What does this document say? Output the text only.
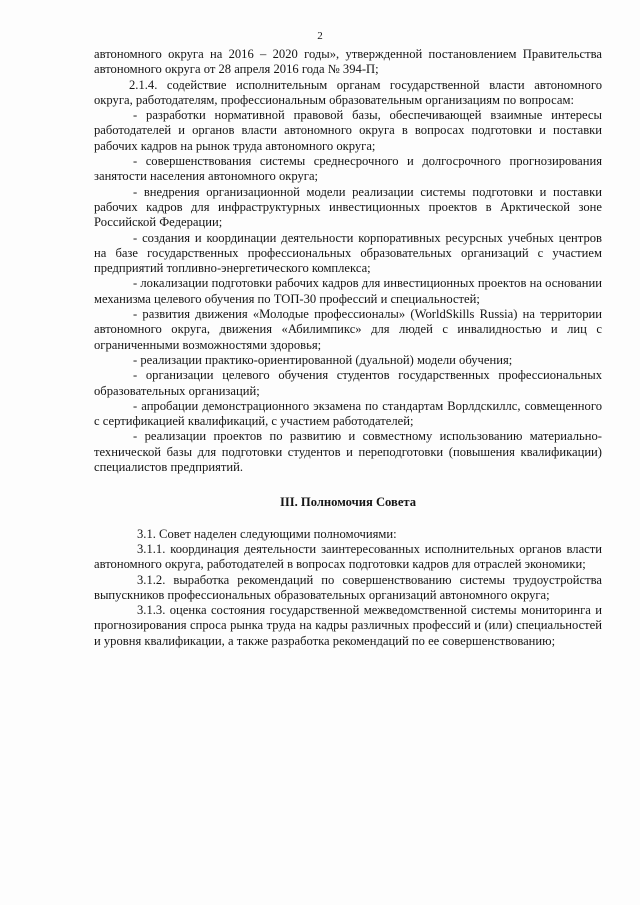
2

автономного округа на 2016 – 2020 годы», утвержденной постановлением Правительства автономного округа от 28 апреля 2016 года № 394-П;

2.1.4. содействие исполнительным органам государственной власти автономного округа, работодателям, профессиональным образовательным организациям по вопросам:

- разработки нормативной правовой базы, обеспечивающей взаимные интересы работодателей и органов власти автономного округа в вопросах подготовки и поставки рабочих кадров на рынок труда автономного округа;

- совершенствования системы среднесрочного и долгосрочного прогнозирования занятости населения автономного округа;

- внедрения организационной модели реализации системы подготовки и поставки рабочих кадров для инфраструктурных инвестиционных проектов в Арктической зоне Российской Федерации;

- создания и координации деятельности корпоративных ресурсных учебных центров на базе государственных профессиональных образовательных организаций с участием предприятий топливно-энергетического комплекса;

- локализации подготовки рабочих кадров для инвестиционных проектов на основании механизма целевого обучения по ТОП-30 профессий и специальностей;

- развития движения «Молодые профессионалы» (WorldSkills Russia) на территории автономного округа, движения «Абилимпикс» для людей с инвалидностью и лиц с ограниченными возможностями здоровья;

- реализации практико-ориентированной (дуальной) модели обучения;

- организации целевого обучения студентов государственных профессиональных образовательных организаций;

- апробации демонстрационного экзамена по стандартам Ворлдскиллс, совмещенного с сертификацией квалификаций, с участием работодателей;

- реализации проектов по развитию и совместному использованию материально-технической базы для подготовки студентов и переподготовки (повышения квалификации) специалистов предприятий.

III. Полномочия Совета

3.1. Совет наделен следующими полномочиями:

3.1.1. координация деятельности заинтересованных исполнительных органов власти автономного округа, работодателей в вопросах подготовки кадров для отраслей экономики;

3.1.2. выработка рекомендаций по совершенствованию системы трудоустройства выпускников профессиональных образовательных организаций автономного округа;

3.1.3. оценка состояния государственной межведомственной системы мониторинга и прогнозирования спроса рынка труда на кадры различных профессий и (или) специальностей и уровня квалификации, а также разработка рекомендаций по ее совершенствованию;
